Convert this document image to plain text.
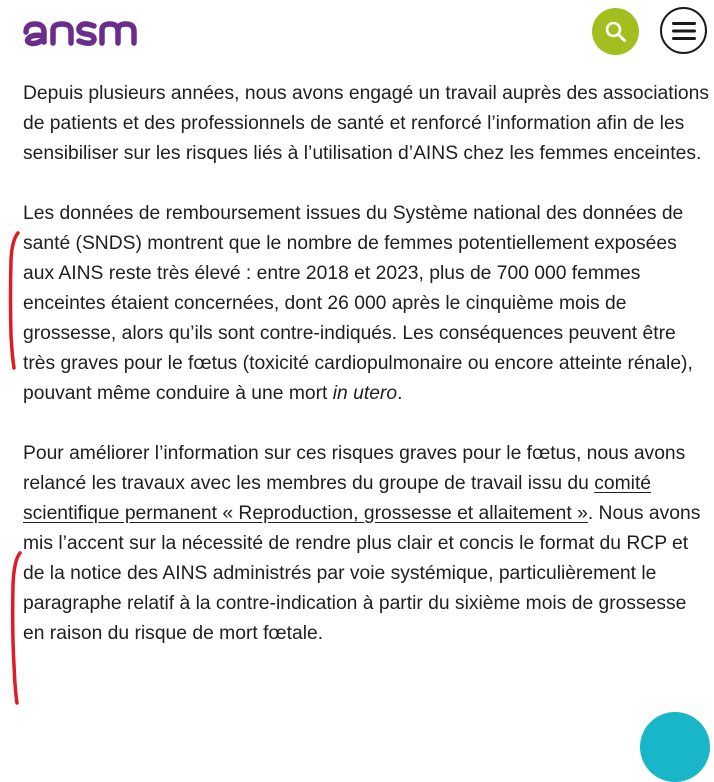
Depuis plusieurs années, nous avons engagé un travail auprès des associations de patients et des professionnels de santé et renforcé l’information afin de les sensibiliser sur les risques liés à l’utilisation d’AINS chez les femmes enceintes.

Les données de remboursement issues du Système national des données de santé (SNDS) montrent que le nombre de femmes potentiellement exposées aux AINS reste très élevé : entre 2018 et 2023, plus de 700 000 femmes enceintes étaient concernées, dont 26 000 après le cinquième mois de grossesse, alors qu’ils sont contre-indiqués. Les conséquences peuvent être très graves pour le fœtus (toxicité cardiopulmonaire ou encore atteinte rénale), pouvant même conduire à une mort in utero.

Pour améliorer l’information sur ces risques graves pour le fœtus, nous avons relancé les travaux avec les membres du groupe de travail issu du comité scientifique permanent « Reproduction, grossesse et allaitement ». Nous avons mis l’accent sur la nécessité de rendre plus clair et concis le format du RCP et de la notice des AINS administrés par voie systémique, particulièrement le paragraphe relatif à la contre-indication à partir du sixième mois de grossesse en raison du risque de mort fœtale.
